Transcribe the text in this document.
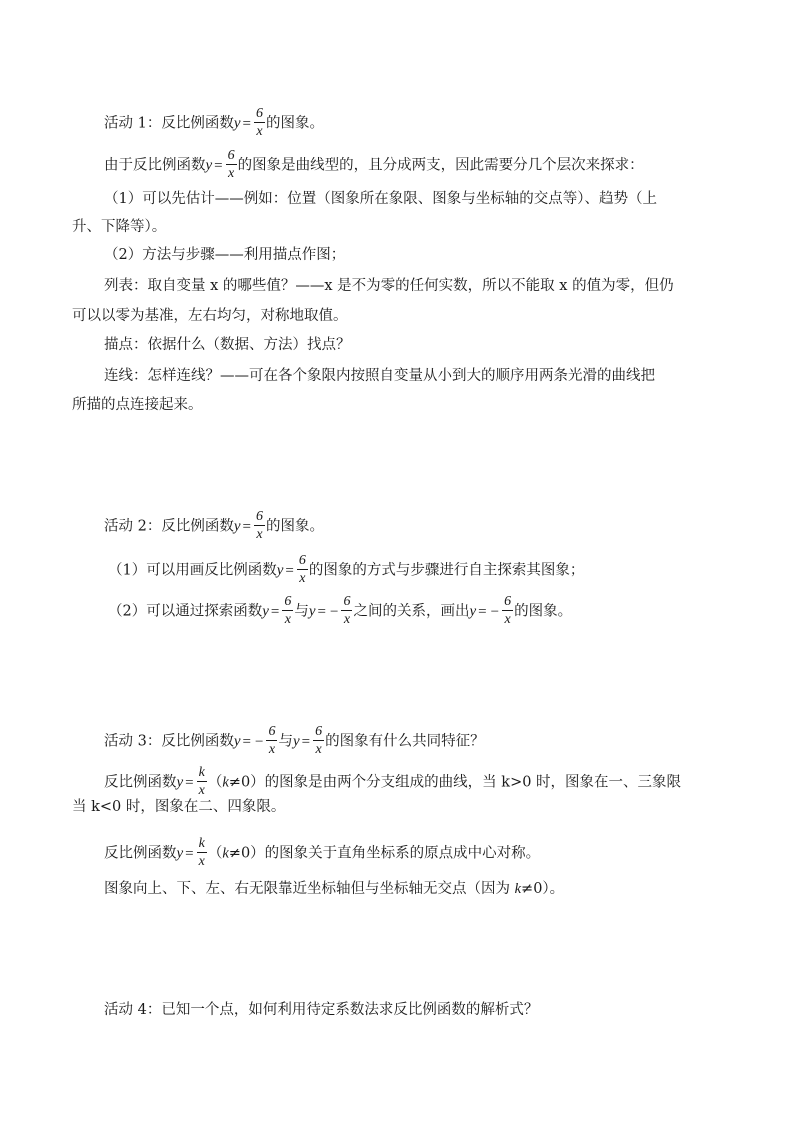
活动 1：反比例函数$y = \frac{6}{x}$ 的图象。
由于反比例函数$y = \frac{6}{x}$ 的图象是曲线型的，且分成两支，因此需要分几个层次来探求：
（1）可以先估计——例如：位置（图象所在象限、图象与坐标轴的交点等）、趋势（上
升、下降等）。
（2）方法与步骤——利用描点作图；
列表：取自变量 x 的哪些值？——x 是不为零的任何实数，所以不能取 x 的值为零，但仍
可以以零为基准，左右均匀，对称地取值。
描点：依据什么（数据、方法）找点？
连线：怎样连线？——可在各个象限内按照自变量从小到大的顺序用两条光滑的曲线把
所描的点连接起来。
活动 2：反比例函数$y = \frac{6}{x}$ 的图象。
（1）可以用画反比例函数$y = \frac{6}{x}$ 的图象的方式与步骤进行自主探索其图象；
（2）可以通过探索函数$y = \frac{6}{x}$ 与y = − $\frac{6}{x}$ 之间的关系，画出y = − $\frac{6}{x}$ 的图象。
活动 3：反比例函数y = − $\frac{6}{x}$ 与$y = \frac{6}{x}$ 的图象有什么共同特征？
反比例函数$y = \frac{k}{x} (k\ne 0)$的图象是由两个分支组成的曲线，当 k>0 时，图象在一、三象限
当 k<0 时，图象在二、四象限。
反比例函数$y = \frac{k}{x} (k\ne 0)$的图象关于直角坐标系的原点成中心对称。
图象向上、下、左、右无限靠近坐标轴但与坐标轴无交点（因为 k≠0）。
活动 4：已知一个点，如何利用待定系数法求反比例函数的解析式？
